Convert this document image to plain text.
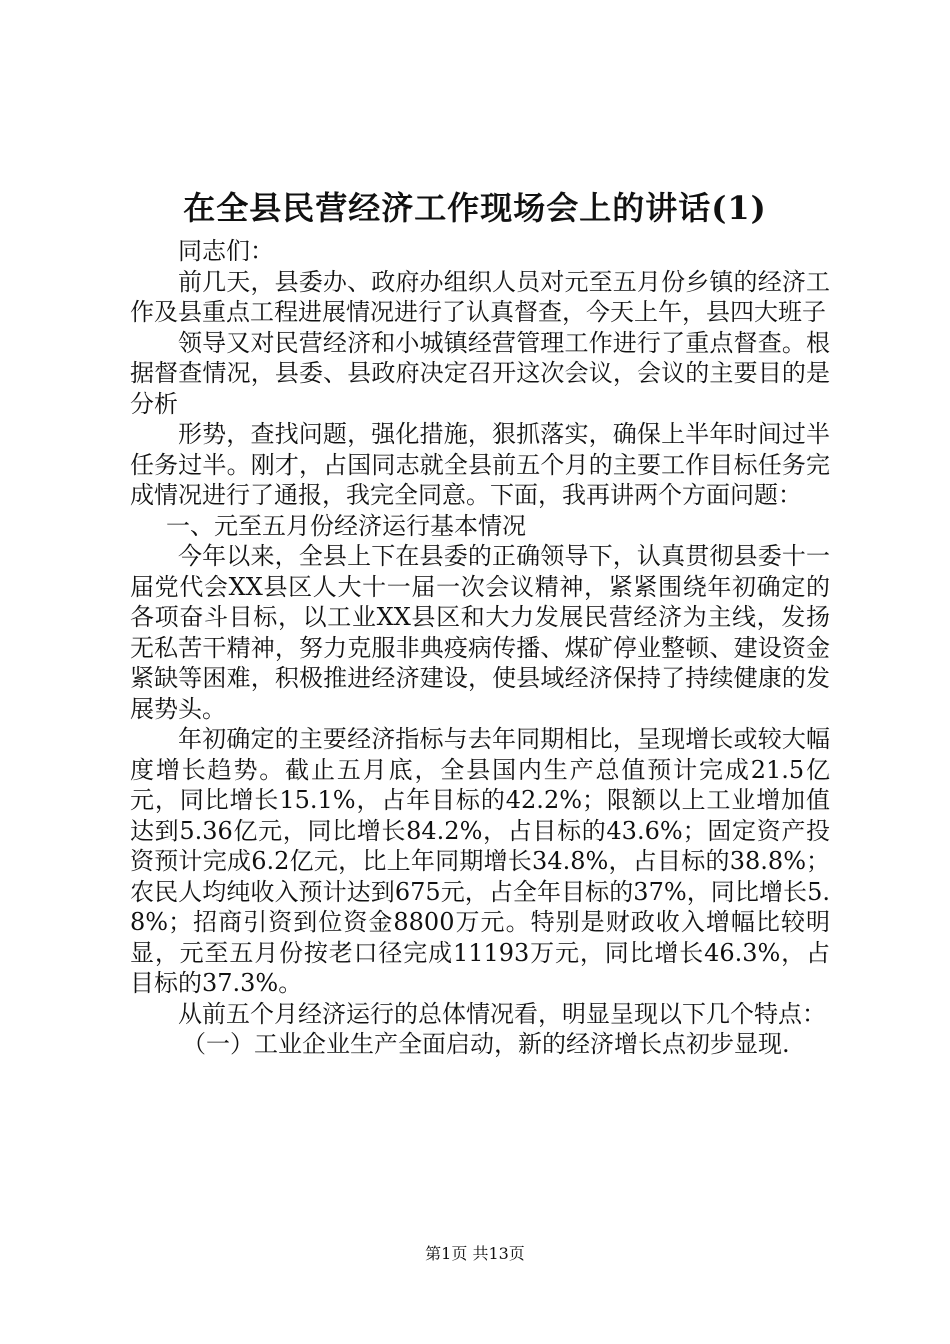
在全县民营经济工作现场会上的讲话(1)

同志们：

前几天，县委办、政府办组织人员对元至五月份乡镇的经济工作及县重点工程进展情况进行了认真督查，今天上午，县四大班子

领导又对民营经济和小城镇经营管理工作进行了重点督查。根据督查情况，县委、县政府决定召开这次会议，会议的主要目的是分析

形势，查找问题，强化措施，狠抓落实，确保上半年时间过半任务过半。刚才，占国同志就全县前五个月的主要工作目标任务完成情况进行了通报，我完全同意。下面，我再讲两个方面问题：

一、元至五月份经济运行基本情况

今年以来，全县上下在县委的正确领导下，认真贯彻县委十一届党代会XX县区人大十一届一次会议精神，紧紧围绕年初确定的各项奋斗目标，以工业XX县区和大力发展民营经济为主线，发扬无私苦干精神，努力克服非典疫病传播、煤矿停业整顿、建设资金紧缺等困难，积极推进经济建设，使县域经济保持了持续健康的发展势头。

年初确定的主要经济指标与去年同期相比，呈现增长或较大幅度增长趋势。截止五月底，全县国内生产总值预计完成21.5亿元，同比增长15.1%，占年目标的42.2%；限额以上工业增加值达到5.36亿元，同比增长84.2%，占目标的43.6%；固定资产投资预计完成6.2亿元，比上年同期增长34.8%，占目标的38.8%；农民人均纯收入预计达到675元，占全年目标的37%，同比增长5.8%；招商引资到位资金8800万元。特别是财政收入增幅比较明显，元至五月份按老口径完成11193万元，同比增长46.3%，占目标的37.3%。

从前五个月经济运行的总体情况看，明显呈现以下几个特点：

（一）工业企业生产全面启动，新的经济增长点初步显现.

第1页 共13页
